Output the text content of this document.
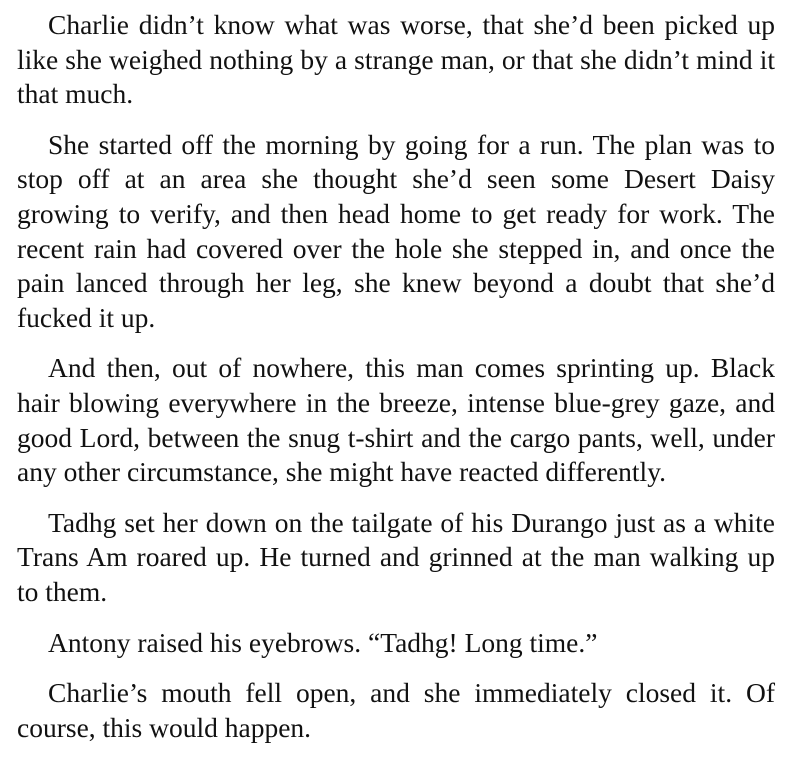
Charlie didn’t know what was worse, that she’d been picked up like she weighed nothing by a strange man, or that she didn’t mind it that much.

She started off the morning by going for a run. The plan was to stop off at an area she thought she’d seen some Desert Daisy growing to verify, and then head home to get ready for work. The recent rain had covered over the hole she stepped in, and once the pain lanced through her leg, she knew beyond a doubt that she’d fucked it up.

And then, out of nowhere, this man comes sprinting up. Black hair blowing everywhere in the breeze, intense blue-grey gaze, and good Lord, between the snug t-shirt and the cargo pants, well, under any other circumstance, she might have reacted differently.

Tadhg set her down on the tailgate of his Durango just as a white Trans Am roared up. He turned and grinned at the man walking up to them.

Antony raised his eyebrows. “Tadhg! Long time.”

Charlie’s mouth fell open, and she immediately closed it. Of course, this would happen.
